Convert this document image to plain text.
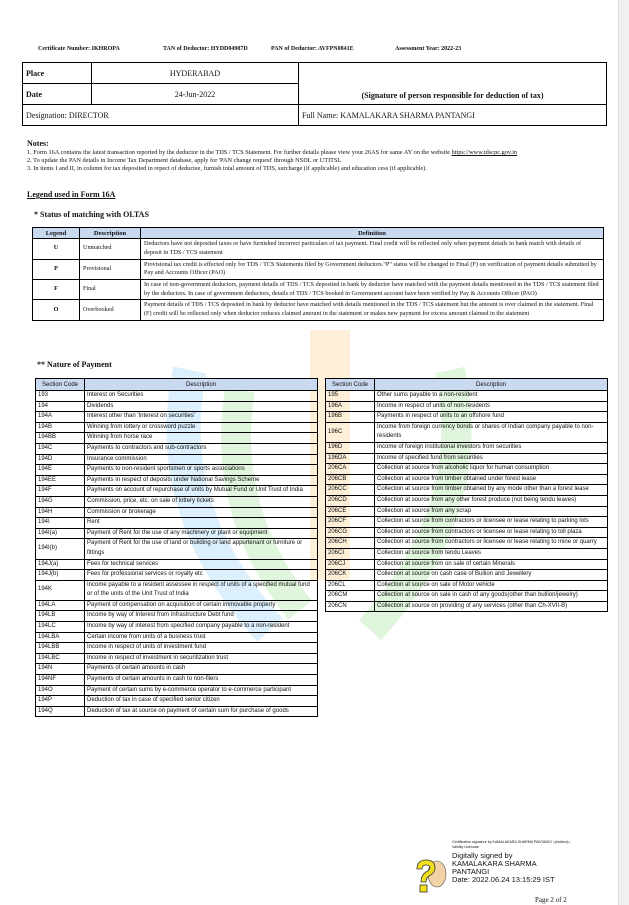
Certificate Number: IKHROPA	TAN of Deductor: HYDD04987D	PAN of Deductor: AVFPN0841E	Assessment Year: 2022-23
Place	HYDERABAD	(Signature of person responsible for deduction of tax)
Date	24-Jun-2022	
Designation: DIRECTOR		Full Name: KAMALAKARA SHARMA PANTANGI
Notes:
1. Form 16A contains the latest transaction reported by the deductor in the TDS / TCS Statement. For further details please view your 26AS for same AY on the website https://www.tdscpc.gov.in
2. To update the PAN details in Income Tax Department database, apply for 'PAN change request' through NSDL or UTITSL
3. In items I and II, in column for tax deposited in repect of deductee, furnish total amount of TDS, surcharge (if applicable) and education cess (if applicable).
Legend used in Form 16A
* Status of matching with OLTAS
Legend	Description	Definition
U	Unmatched	Deductors have not deposited taxes or have furnished incorrect particulars of tax payment. Final credit will be reflected only when payment details in bank match with details of deposit in TDS / TCS statement
P	Provisional	Provisional tax credit is effected only for TDS / TCS Statements filed by Government deductors."P" status will be changed to Final (F) on verification of payment details submitted by Pay and Accounts Officer (PAO)
F	Final	In case of non-government deductors, payment details of TDS / TCS deposited in bank by deductor have matched with the payment details mentioned in the TDS / TCS statement filed by the deductors. In case of government deductors, details of TDS / TCS booked in Government account have been verified by Pay & Accounts Officer (PAO)
O	Overbooked	Payment details of TDS / TCS deposited in bank by deductor have matched with details mentioned in the TDS / TCS statement but the amount is over claimed in the statement. Final (F) credit will be reflected only when deductor reduces claimed amount in the statement or makes new payment for excess amount claimed in the statement
** Nature of Payment
Section Code	Description
193	Interest on Securities
194	Dividends
194A	Interest other than 'Interest on securities'
194B	Winning from lottery or crossword puzzle
194BB	Winning from horse race
194C	Payments to contractors and sub-contractors
194D	Insurance commission
194E	Payments to non-resident sportsmen or sports associations
194EE	Payments in respect of deposits under National Savings Scheme
194F	Payments on account of repurchase of units by Mutual Fund or Unit Trust of India
194G	Commission, price, etc. on sale of lottery tickets
194H	Commission or brokerage
194I	Rent
194I(a)	Payment of Rent for the use of any machinery or plant or equipment
194I(b)	Payment of Rent for the use of land or building or land appurtenant or furniture or fittings
194J(a)	Fees for technical services
194J(b)	Fees for professional services or royalty etc
194K	Income payable to a resident assessee in respect of units of a specified mutual fund or of the units of the Unit Trust of India
194LA	Payment of compensation on acquisition of certain immovable property
194LB	Income by way of Interest from Infrastructure Debt fund
194LC	Income by way of interest from specified company payable to a non-resident
194LBA	Certain income from units of a business trust
194LBB	Income in respect of units of investment fund
194LBC	Income in respect of investment in securitization trust
194N	Payments of certain amounts in cash
194NF	Payments of certain amounts in cash to non-filers
194O	Payment of certain sums by e-commerce operator to e-commerce participant
194P	Deduction of tax in case of specified senior citizen
194Q	Deduction of tax at source on payment of certain sum for purchase of goods
Section Code	Description
195	Other sums payable to a non-resident
196A	Income in respect of units of non-residents
196B	Payments in respect of units to an offshore fund
196C	Income from foreign currency bonds or shares of Indian company payable to non-residents
196D	Income of foreign institutional investors from securities
196DA	Income of specified fund from securities
206CA	Collection at source from alcoholic liquor for human consumption
206CB	Collection at source from timber obtained under forest lease
206CC	Collection at source from timber obtained by any mode other than a forest lease
206CD	Collection at source from any other forest produce (not being tendu leaves)
206CE	Collection at source from any scrap
206CF	Collection at source from contractors or licensee or lease relating to parking lots
206CG	Collection at source from contractors or licensee or lease relating to toll plaza
206CH	Collection at source from contractors or licensee or lease relating to mine or quarry
206CI	Collection at source from tendu Leaves
206CJ	Collection at source from on sale of certain Minerals
206CK	Collection at source on cash case of Bullion and Jewellery
206CL	Collection at source on sale of Motor vehicle
206CM	Collection at source on sale in cash of any goods(other than bullion/jewelry)
206CN	Collection at source on providing of any services (other than Ch-XVII-B)
Certification signature by KAMALAKARA SHARMA PANTANGI <(hidden)>, Validity Unknown
Digitally signed by
KAMALAKARA SHARMA
PANTANGI
Date: 2022.06.24 13:15:29 IST
Page 2 of 2
